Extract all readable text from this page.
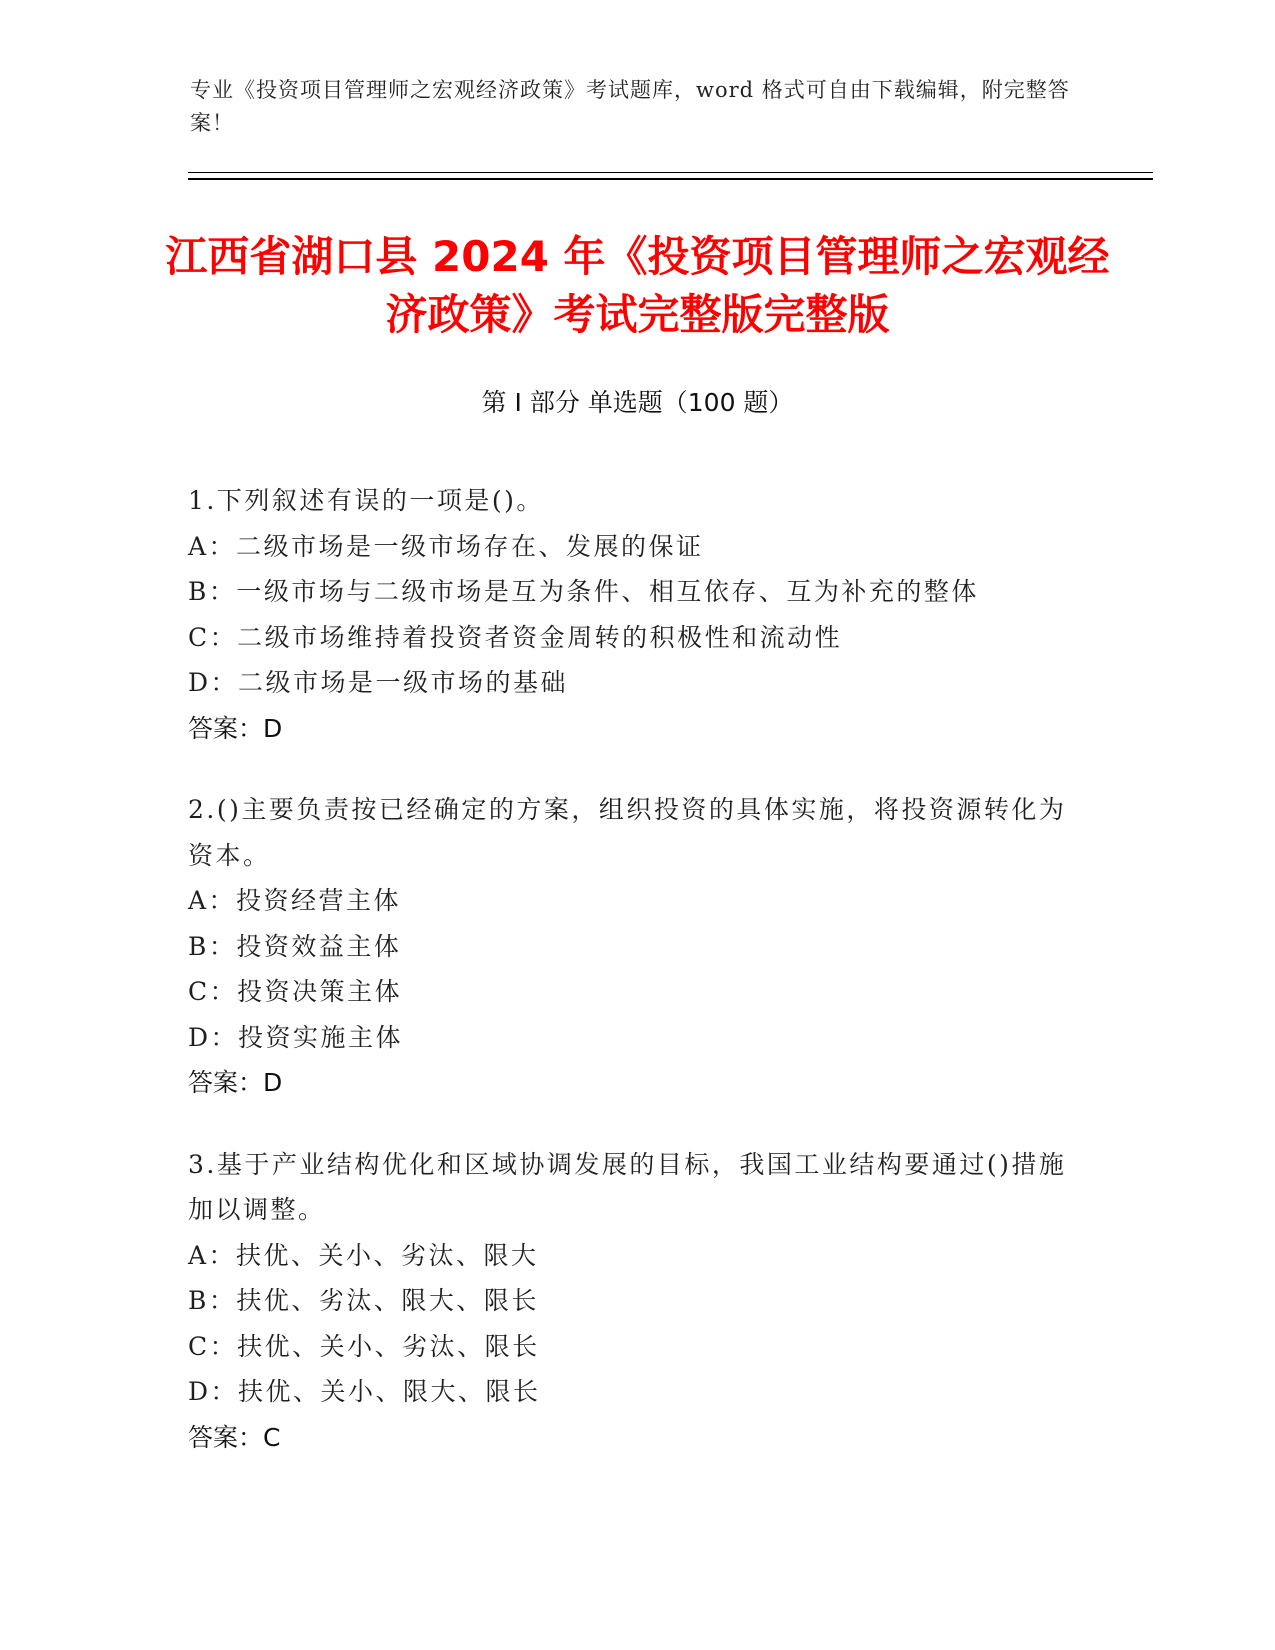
专业《投资项目管理师之宏观经济政策》考试题库，word 格式可自由下载编辑，附完整答案！
江西省湖口县 2024 年《投资项目管理师之宏观经济政策》考试完整版完整版
第 I 部分 单选题（100 题）

1.下列叙述有误的一项是()。

A：二级市场是一级市场存在、发展的保证

B：一级市场与二级市场是互为条件、相互依存、互为补充的整体

C：二级市场维持着投资者资金周转的积极性和流动性

D：二级市场是一级市场的基础

答案：D

2.()主要负责按已经确定的方案，组织投资的具体实施，将投资源转化为资本。

A：投资经营主体

B：投资效益主体

C：投资决策主体

D：投资实施主体

答案：D

3.基于产业结构优化和区域协调发展的目标，我国工业结构要通过()措施加以调整。

A：扶优、关小、劣汰、限大

B：扶优、劣汰、限大、限长

C：扶优、关小、劣汰、限长

D：扶优、关小、限大、限长

答案：C
